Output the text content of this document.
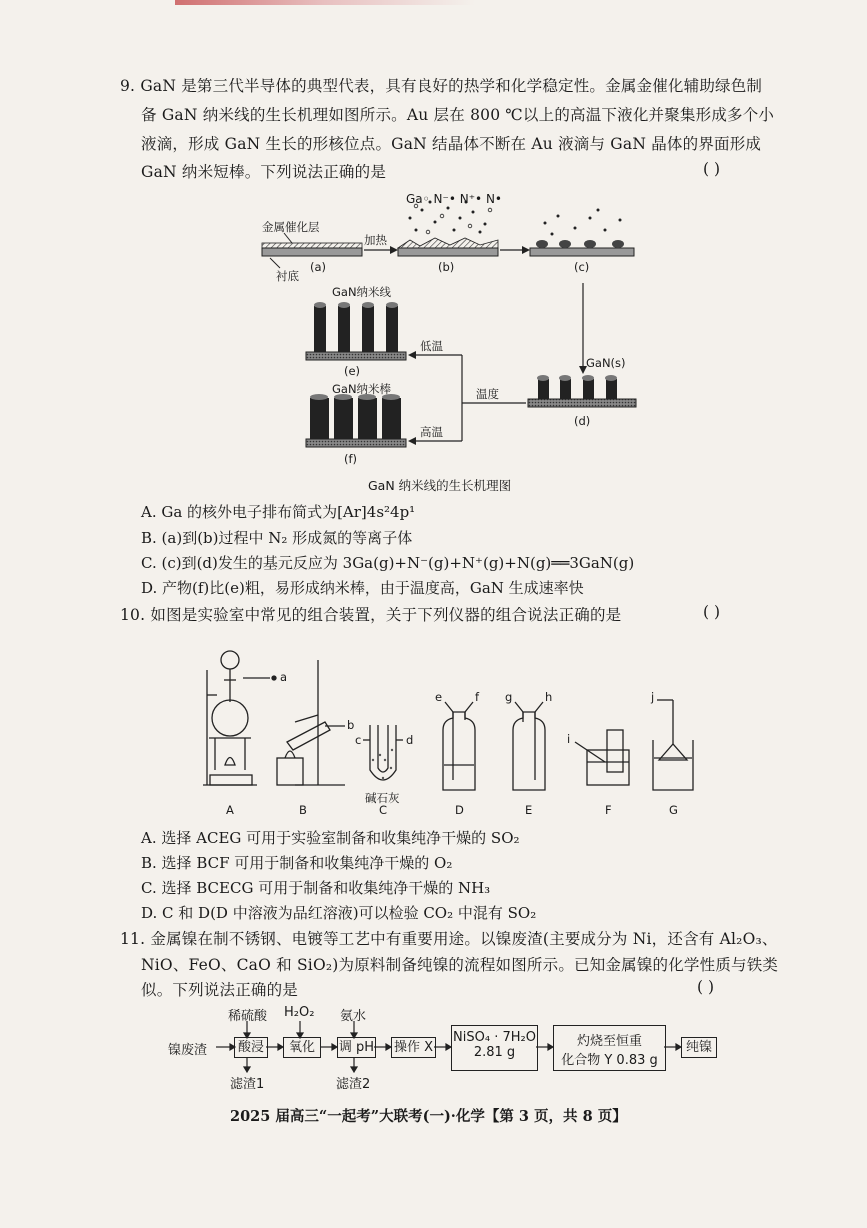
9. GaN 是第三代半导体的典型代表，具有良好的热学和化学稳定性。金属金催化辅助绿色制
备 GaN 纳米线的生长机理如图所示。Au 层在 800 ℃以上的高温下液化并聚集形成多个小
液滴，形成 GaN 生长的形核位点。GaN 结晶体不断在 Au 液滴与 GaN 晶体的界面形成
GaN 纳米短棒。下列说法正确的是	( )
Ga◦ N⁻• N⁺• N•
金属催化层
衬底
加热
(a)	(b)	(c)
GaN(s)
(d)
GaN纳米线
(e)
低温
温度
GaN纳米棒
高温
(f)
GaN 纳米线的生长机理图
A. Ga 的核外电子排布简式为[Ar]4s²4p¹
B. (a)到(b)过程中 N₂ 形成氮的等离子体
C. (c)到(d)发生的基元反应为 3Ga(g)+N⁻(g)+N⁺(g)+N(g)══3GaN(g)
D. 产物(f)比(e)粗，易形成纳米棒，由于温度高，GaN 生成速率快
10. 如图是实验室中常见的组合装置，关于下列仪器的组合说法正确的是	( )
a
b
c	d
e	f g	h
i
j
碱石灰
A	B	C	D	E	F	G
A. 选择 ACEG 可用于实验室制备和收集纯净干燥的 SO₂
B. 选择 BCF 可用于制备和收集纯净干燥的 O₂
C. 选择 BCECG 可用于制备和收集纯净干燥的 NH₃
D. C 和 D(D 中溶液为品红溶液)可以检验 CO₂ 中混有 SO₂
11. 金属镍在制不锈钢、电镀等工艺中有重要用途。以镍废渣(主要成分为 Ni，还含有 Al₂O₃、
NiO、FeO、CaO 和 SiO₂)为原料制备纯镍的流程如图所示。已知金属镍的化学性质与铁类
似。下列说法正确的是	( )
镍废渣
稀硫酸 H₂O₂ 氨水
酸浸	氧化	调 pH 操作 X
NiSO₄ · 7H₂O
2.81 g
灼烧至恒重
化合物 Y 0.83 g
纯镍
滤渣1	滤渣2
2025 届高三“一起考”大联考(一)·化学【第 3 页，共 8 页】
